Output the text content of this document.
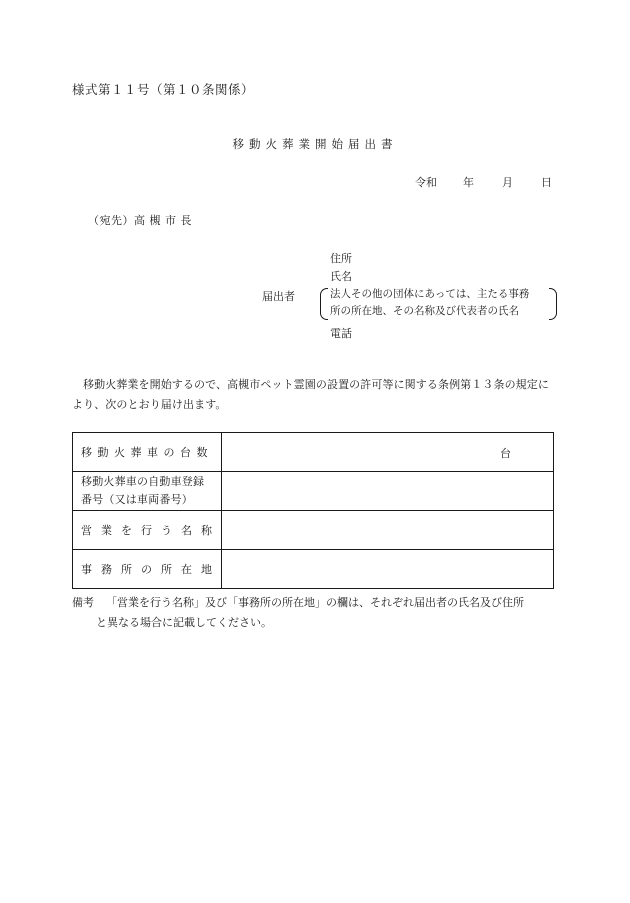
様式第１１号（第１０条関係）
移動火葬業開始届出書
令和 年	月	日
（宛先）高 槻 市 長
届出者
住所
氏名
法人その他の団体にあっては、主たる事務
所の所在地、その名称及び代表者の氏名
電話
移動火葬業を開始するので、高槻市ペット霊園の設置の許可等に関する条例第１３条の規定により、次のとおり届け出ます。
移動火葬車の台数	台

移動火葬車の自動車登録
番号（又は車両番号）	

営業を行う名称	
事務所の所在地	
備考 「営業を行う名称」及び「事務所の所在地」の欄は、それぞれ届出者の氏名及び住所
と異なる場合に記載してください。
